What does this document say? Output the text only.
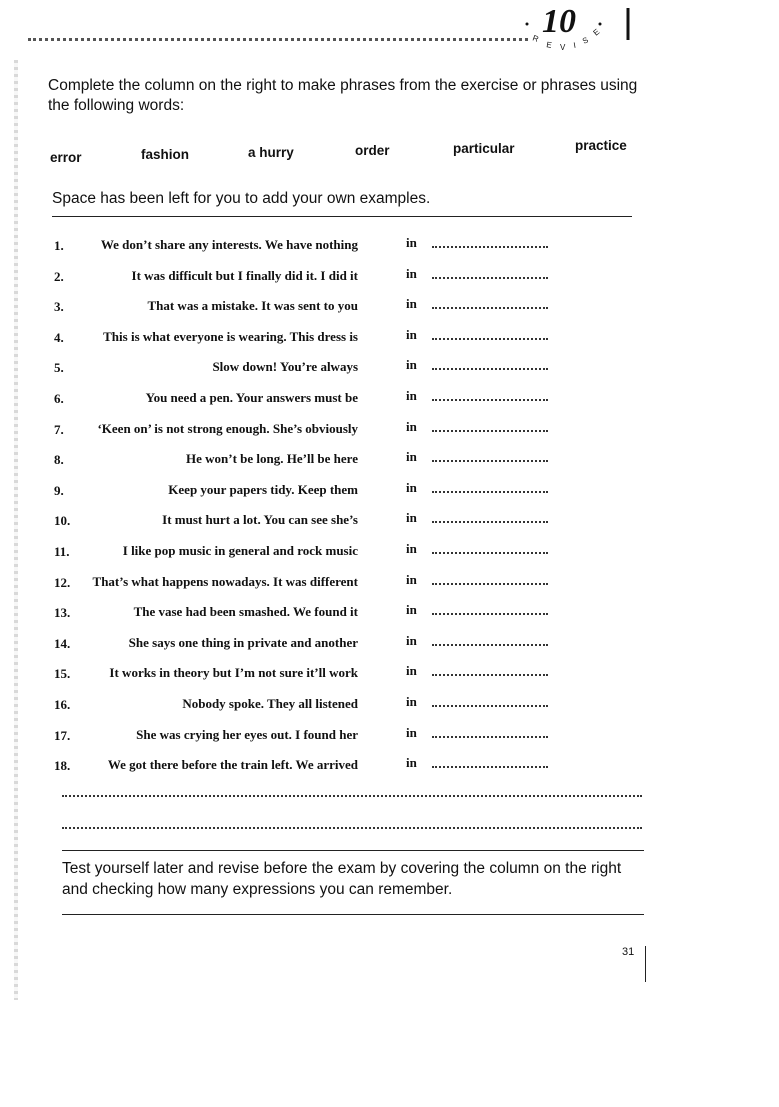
10
R
E V I S
E
Complete the column on the right to make phrases from the exercise or phrases using the following words:
error	fashion	a hurry	order	particular	practice
Space has been left for you to add your own examples.
1.	We don’t share any interests. We have nothing	in
2.	It was difficult but I finally did it. I did it	in
3.	That was a mistake. It was sent to you	in
4.	This is what everyone is wearing. This dress is	in
5.	Slow down! You’re always	in
6.	You need a pen. Your answers must be	in
7.	‘Keen on’ is not strong enough. She’s obviously	in
8.	He won’t be long. He’ll be here	in
9.	Keep your papers tidy. Keep them	in
10.	It must hurt a lot. You can see she’s	in
11.	I like pop music in general and rock music	in
12. That’s what happens nowadays. It was different	in
13.	The vase had been smashed. We found it	in
14.	She says one thing in private and another	in
15.	It works in theory but I’m not sure it’ll work	in
16.	Nobody spoke. They all listened	in
17.	She was crying her eyes out. I found her	in
18.	We got there before the train left. We arrived	in
Test yourself later and revise before the exam by covering the column on the right and checking how many expressions you can remember.
31
